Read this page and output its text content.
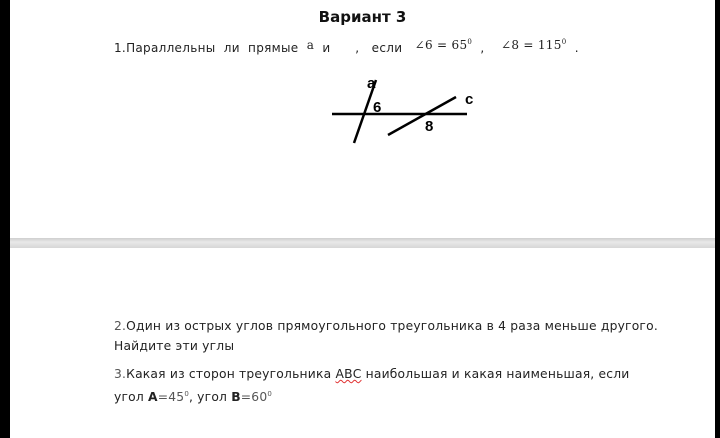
Вариант 3
1.Параллельны ли прямые а и , если ∠6 = $65^0$ , ∠8 = $115^0$ .
а
с
6
8
2.Один из острых углов прямоугольного треугольника в 4 раза меньше другого.
Найдите эти углы
3.Какая из сторон треугольника АВС наибольшая и какая наименьшая, если
угол $А=45^0$, угол $В=60^0$
